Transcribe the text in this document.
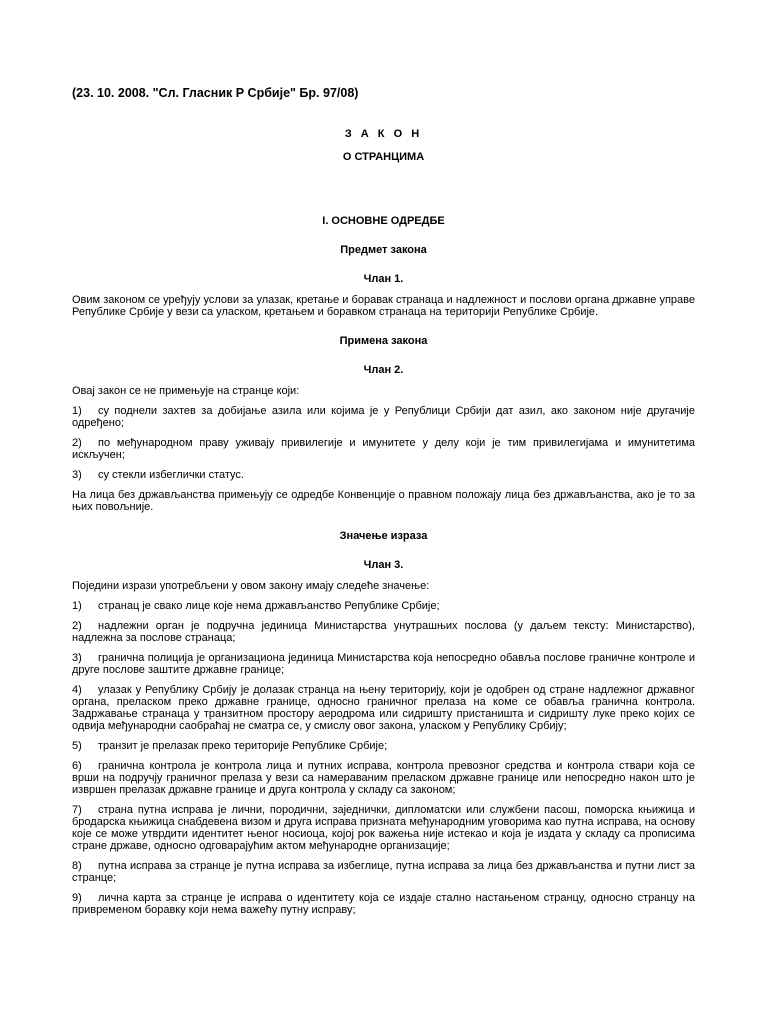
(23. 10. 2008. "Сл. Гласник Р Србије" Бр. 97/08)
З А К О Н
О СТРАНЦИМА
I. ОСНОВНЕ ОДРЕДБЕ
Предмет закона
Члан 1.

Овим законом се уређују услови за улазак, кретање и боравак странаца и надлежност и послови органа државне управе Републике Србије у вези са уласком, кретањем и боравком странаца на територији Републике Србије.

Примена закона
Члан 2.

Овај закон се не примењује на странце који:

1) су поднели захтев за добијање азила или којима је у Републици Србији дат азил, ако законом није другачије одређено;

2) по међународном праву уживају привилегије и имунитете у делу који је тим привилегијама и имунитетима искључен;

3) су стекли избеглички статус.

На лица без држављанства примењују се одредбе Конвенције о правном положају лица без држављанства, ако је то за њих повољније.

Значење израза
Члан 3.

Поједини изрази употребљени у овом закону имају следеће значење:

1) странац је свако лице које нема држављанство Републике Србије;

2) надлежни орган је подручна јединица Министарства унутрашњих послова (у даљем тексту: Министарство), надлежна за послове странаца;

3) гранична полиција је организациона јединица Министарства која непосредно обавља послове граничне контроле и друге послове заштите државне границе;

4) улазак у Републику Србију је долазак странца на њену територију, који је одобрен од стране надлежног државног органа, преласком преко државне границе, односно граничног прелаза на коме се обавља гранична контрола. Задржавање странаца у транзитном простору аеродрома или сидришту пристаништа и сидришту луке преко којих се одвија међународни саобраћај не сматра се, у смислу овог закона, уласком у Републику Србију;

5) транзит је прелазак преко територије Републике Србије;

6) гранична контрола је контрола лица и путних исправа, контрола превозног средства и контрола ствари која се врши на подручју граничног прелаза у вези са намераваним преласком државне границе или непосредно након што је извршен прелазак државне границе и друга контрола у складу са законом;

7) страна путна исправа је лични, породични, заједнички, дипломатски или службени пасош, поморска књижица и бродарска књижица снабдевена визом и друга исправа призната међународним уговорима као путна исправа, на основу које се може утврдити идентитет њеног носиоца, којој рок важења није истекао и која је издата у складу са прописима стране државе, односно одговарајућим актом међународне организације;

8) путна исправа за странце је путна исправа за избеглице, путна исправа за лица без држављанства и путни лист за странце;

9) лична карта за странце је исправа о идентитету која се издаје стално настањеном странцу, односно странцу на привременом боравку који нема важећу путну исправу;
